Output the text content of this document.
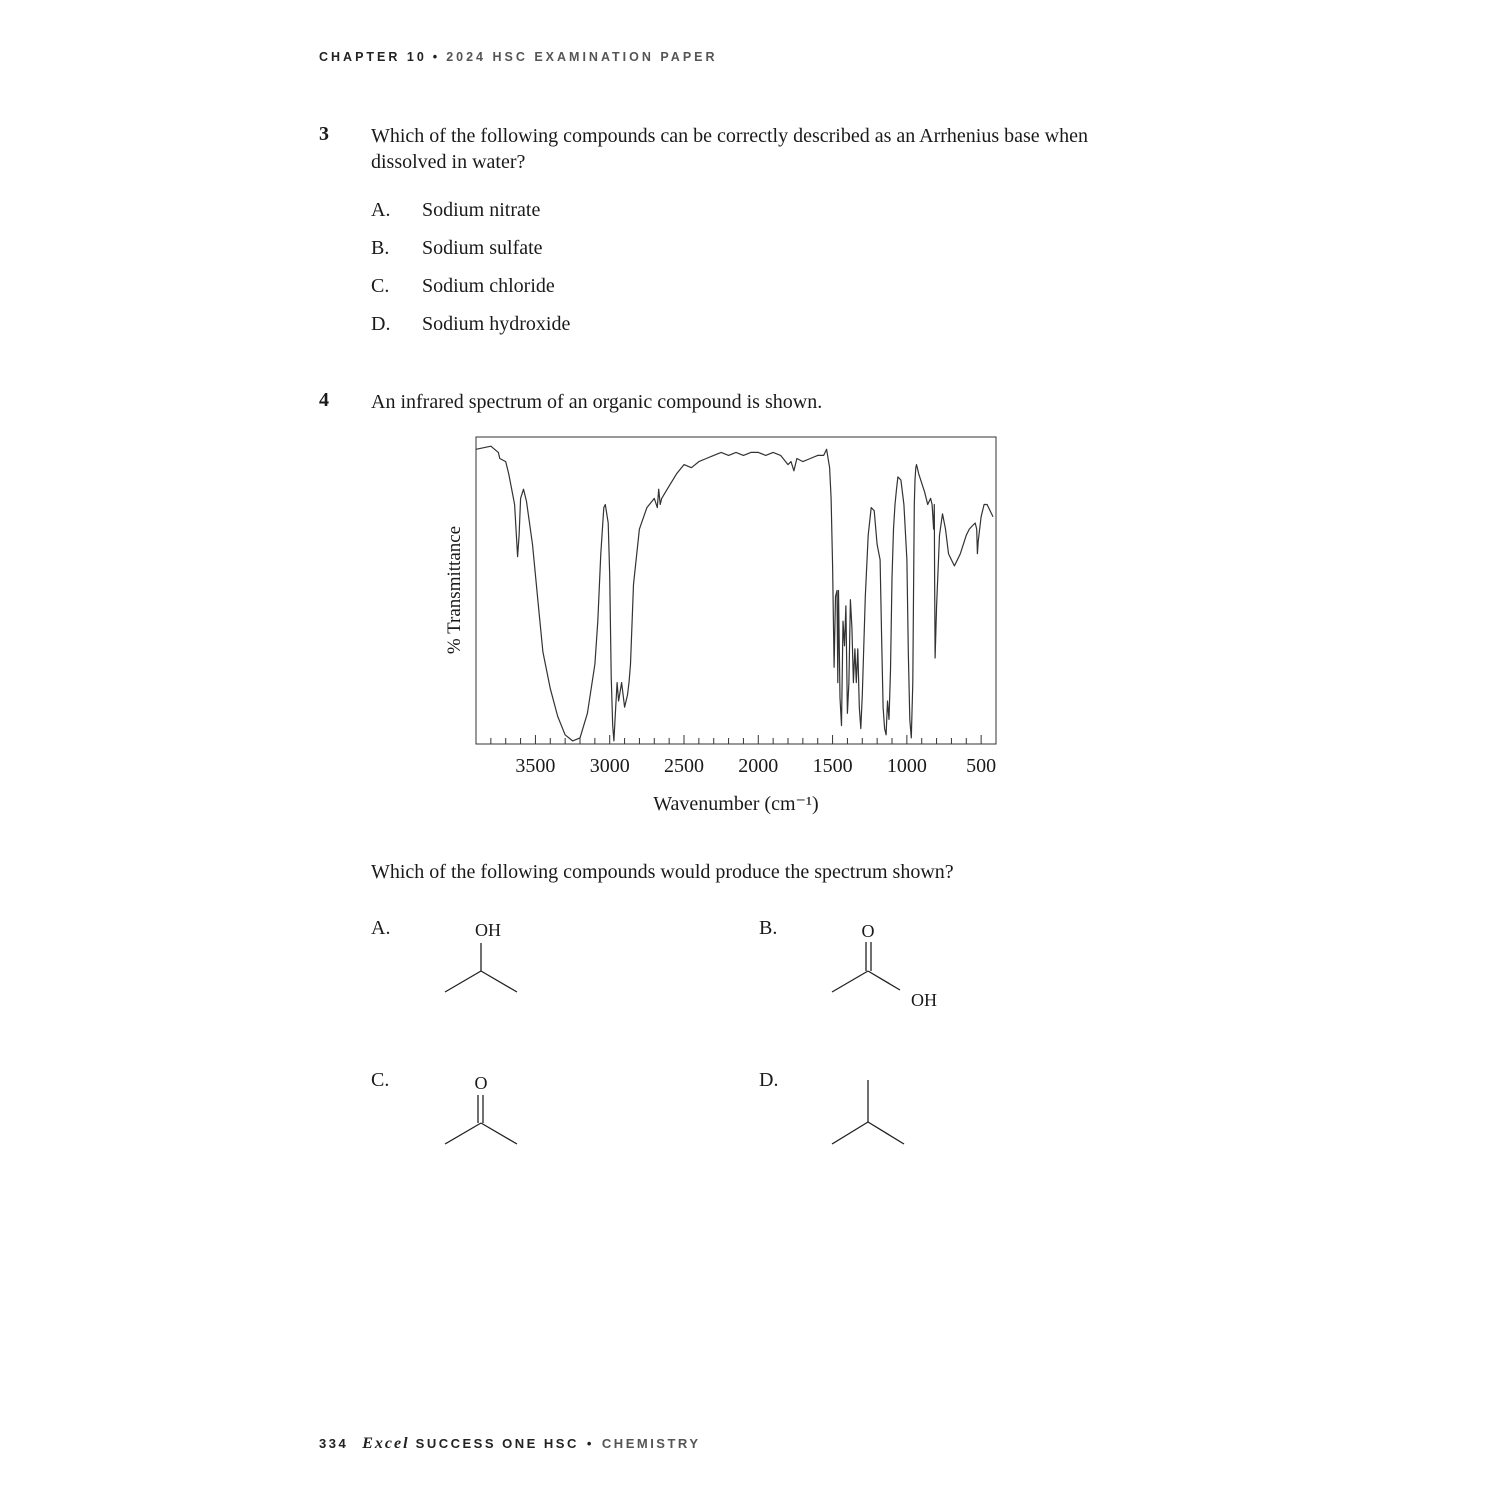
CHAPTER 10 • 2024 HSC EXAMINATION PAPER
3 Which of the following compounds can be correctly described as an Arrhenius base when dissolved in water?
A. Sodium nitrate
B. Sodium sulfate
C. Sodium chloride
D. Sodium hydroxide
4 An infrared spectrum of an organic compound is shown.
3500 3000 2500 2000 1500 1000 500
Wavenumber (cm⁻¹)
% Transmittance
Which of the following compounds would produce the spectrum shown?
A.	OH	B.	O
OH
C.	O	D.
334 Excel SUCCESS ONE HSC • CHEMISTRY
